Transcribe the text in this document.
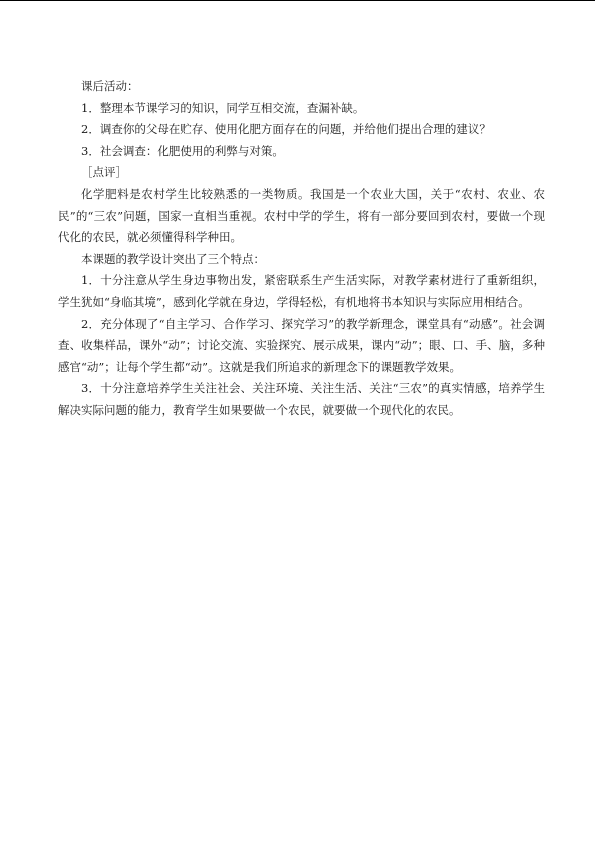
课后活动：

1．整理本节课学习的知识，同学互相交流，查漏补缺。

2．调查你的父母在贮存、使用化肥方面存在的问题，并给他们提出合理的建议？

3．社会调查：化肥使用的利弊与对策。

［点评］

化学肥料是农村学生比较熟悉的一类物质。我国是一个农业大国，关于“农村、农业、农民”的“三农”问题，国家一直相当重视。农村中学的学生，将有一部分要回到农村，要做一个现代化的农民，就必须懂得科学种田。

本课题的教学设计突出了三个特点：

1．十分注意从学生身边事物出发，紧密联系生产生活实际，对教学素材进行了重新组织，学生犹如“身临其境”，感到化学就在身边，学得轻松，有机地将书本知识与实际应用相结合。

2．充分体现了“自主学习、合作学习、探究学习”的教学新理念，课堂具有“动感”。社会调查、收集样品，课外“动”；讨论交流、实验探究、展示成果，课内“动”；眼、口、手、脑，多种感官“动”；让每个学生都“动”。这就是我们所追求的新理念下的课题教学效果。

3．十分注意培养学生关注社会、关注环境、关注生活、关注“三农”的真实情感，培养学生解决实际问题的能力，教育学生如果要做一个农民，就要做一个现代化的农民。
